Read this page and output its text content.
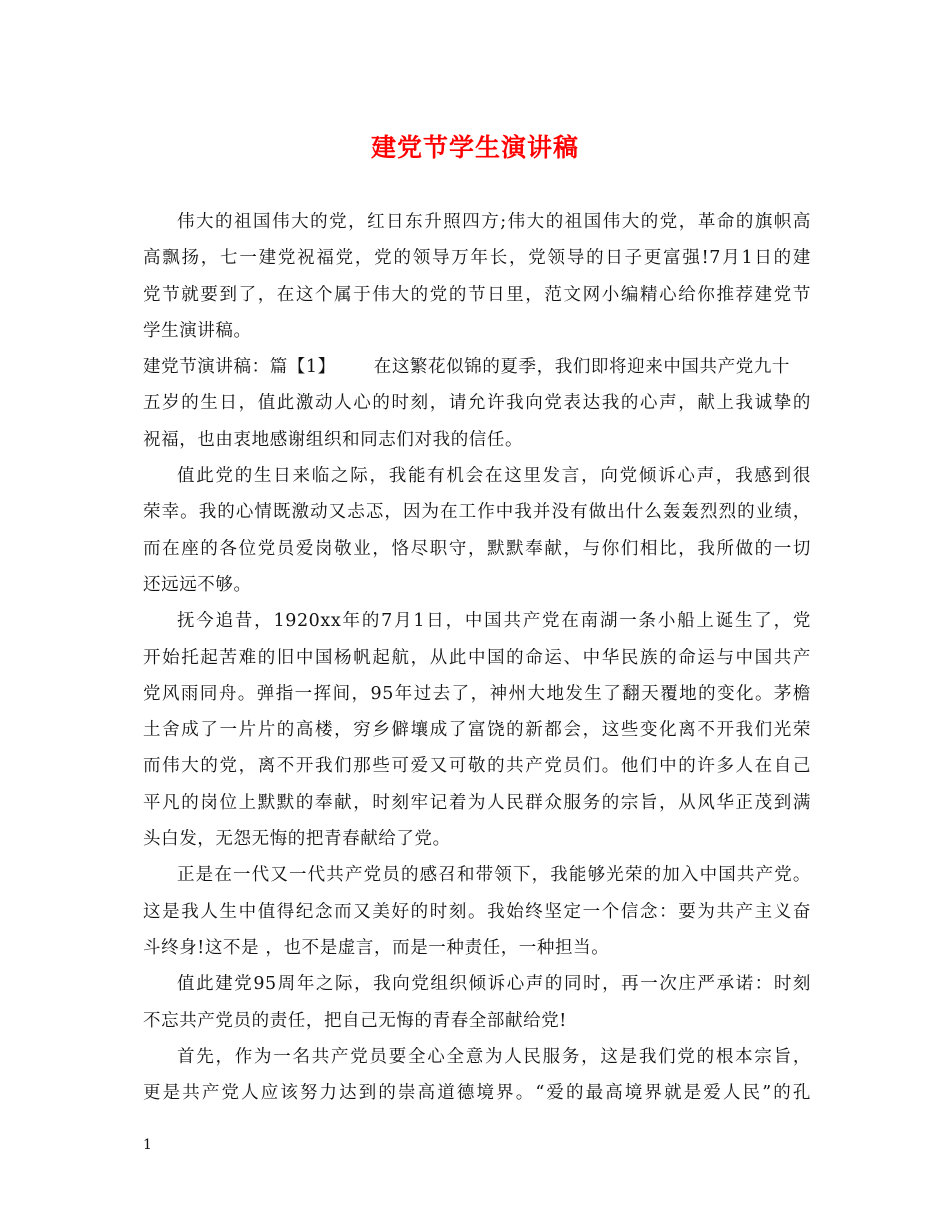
建党节学生演讲稿
伟大的祖国伟大的党，红日东升照四方;伟大的祖国伟大的党，革命的旗帜高
高飘扬，七一建党祝福党，党的领导万年长，党领导的日子更富强!7月1日的建
党节就要到了，在这个属于伟大的党的节日里，范文网小编精心给你推荐建党节
学生演讲稿。
建党节演讲稿：篇【1】 在这繁花似锦的夏季，我们即将迎来中国共产党九十
五岁的生日，值此激动人心的时刻，请允许我向党表达我的心声，献上我诚挚的
祝福，也由衷地感谢组织和同志们对我的信任。
值此党的生日来临之际，我能有机会在这里发言，向党倾诉心声，我感到很
荣幸。我的心情既激动又忐忑，因为在工作中我并没有做出什么轰轰烈烈的业绩，
而在座的各位党员爱岗敬业，恪尽职守，默默奉献，与你们相比，我所做的一切
还远远不够。
抚今追昔，1920xx年的7月1日，中国共产党在南湖一条小船上诞生了，党
开始托起苦难的旧中国杨帆起航，从此中国的命运、中华民族的命运与中国共产
党风雨同舟。弹指一挥间，95年过去了，神州大地发生了翻天覆地的变化。茅檐
土舍成了一片片的高楼，穷乡僻壤成了富饶的新都会，这些变化离不开我们光荣
而伟大的党，离不开我们那些可爱又可敬的共产党员们。他们中的许多人在自己
平凡的岗位上默默的奉献，时刻牢记着为人民群众服务的宗旨，从风华正茂到满
头白发，无怨无悔的把青春献给了党。
正是在一代又一代共产党员的感召和带领下，我能够光荣的加入中国共产党。
这是我人生中值得纪念而又美好的时刻。我始终坚定一个信念：要为共产主义奋
斗终身!这不是 ，也不是虚言，而是一种责任，一种担当。
值此建党95周年之际，我向党组织倾诉心声的同时，再一次庄严承诺：时刻
不忘共产党员的责任，把自己无悔的青春全部献给党!
首先，作为一名共产党员要全心全意为人民服务，这是我们党的根本宗旨，
更是共产党人应该努力达到的崇高道德境界。“爱的最高境界就是爱人民”的孔
1
